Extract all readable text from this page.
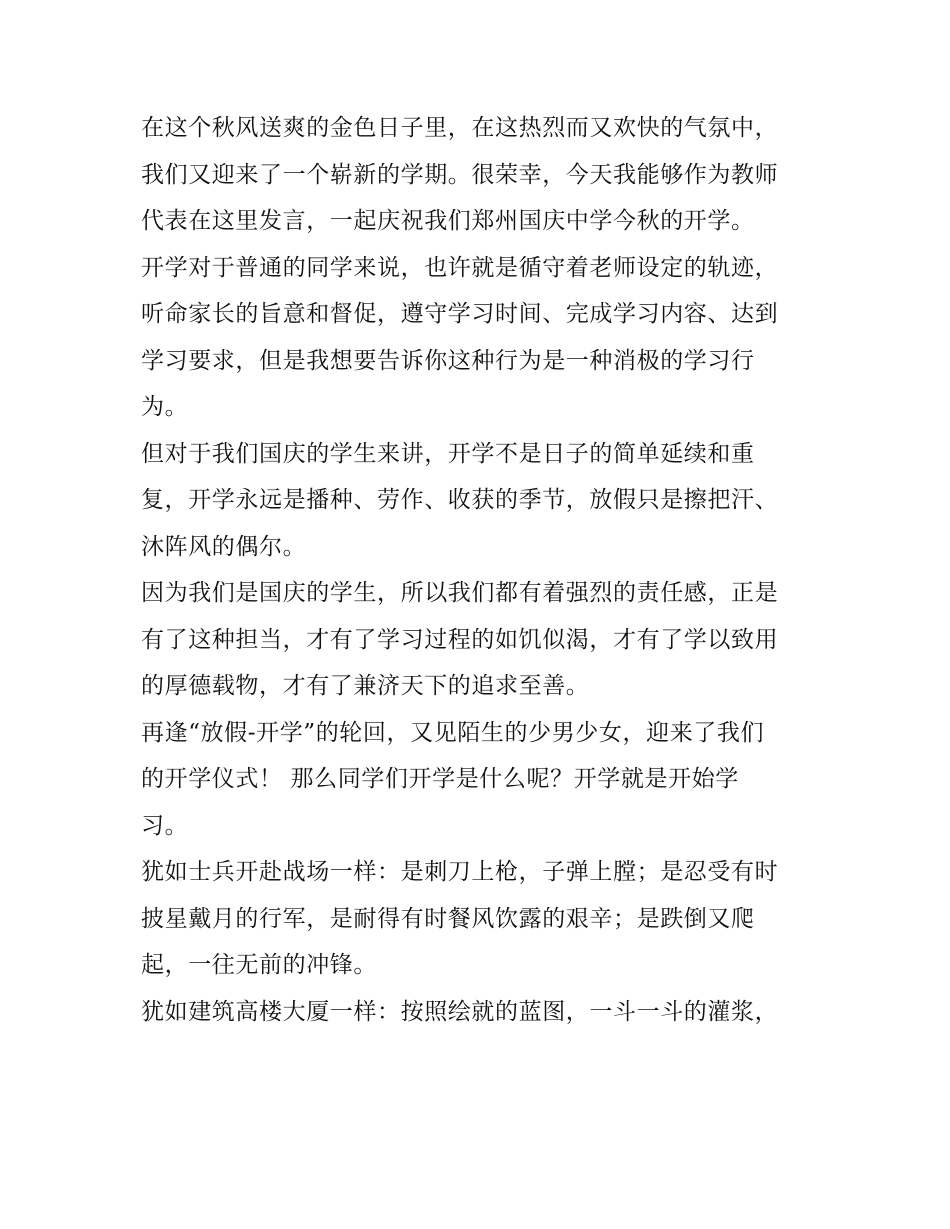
在这个秋风送爽的金色日子里，在这热烈而又欢快的气氛中，
我们又迎来了一个崭新的学期。很荣幸，今天我能够作为教师
代表在这里发言，一起庆祝我们郑州国庆中学今秋的开学。
开学对于普通的同学来说，也许就是循守着老师设定的轨迹，
听命家长的旨意和督促，遵守学习时间、完成学习内容、达到
学习要求，但是我想要告诉你这种行为是一种消极的学习行
为。
但对于我们国庆的学生来讲，开学不是日子的简单延续和重
复，开学永远是播种、劳作、收获的季节，放假只是擦把汗、
沐阵风的偶尔。
因为我们是国庆的学生，所以我们都有着强烈的责任感，正是
有了这种担当，才有了学习过程的如饥似渴，才有了学以致用
的厚德载物，才有了兼济天下的追求至善。
再逢“放假-开学”的轮回，又见陌生的少男少女，迎来了我们
的开学仪式！ 那么同学们开学是什么呢？开学就是开始学
习。
犹如士兵开赴战场一样：是刺刀上枪，子弹上膛；是忍受有时
披星戴月的行军，是耐得有时餐风饮露的艰辛；是跌倒又爬
起，一往无前的冲锋。
犹如建筑高楼大厦一样：按照绘就的蓝图，一斗一斗的灌浆，
